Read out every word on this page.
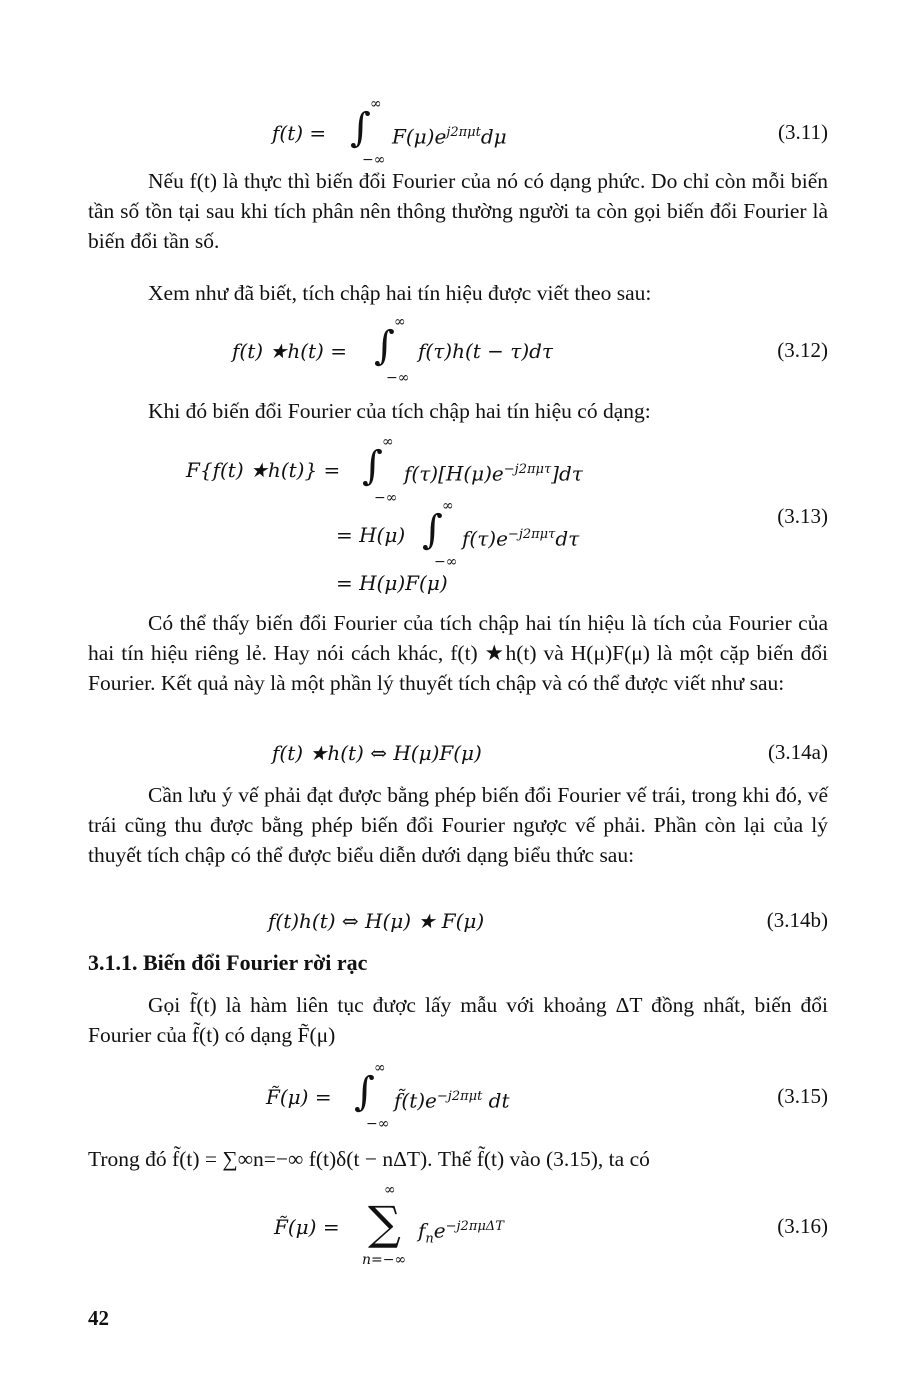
f(t) = ∫
∞
−∞
$F(\mu)e^{j2\pi\mu t}d\mu$	(3.11)

Nếu f(t) là thực thì biến đổi Fourier của nó có dạng phức. Do chỉ còn mỗi biến tần số tồn tại sau khi tích phân nên thông thường người ta còn gọi biến đổi Fourier là biến đổi tần số.

Xem như đã biết, tích chập hai tín hiệu được viết theo sau:

f(t) ★h(t) = ∫
∞
−∞
f(τ)h(t − τ)dτ	(3.12)

Khi đó biến đổi Fourier của tích chập hai tín hiệu có dạng:

F{f(t) ★h(t)} = ∫
∞
−∞
$f(\tau)[H(\mu)e^{-j2\pi\mu\tau}]d\tau$
= H(μ) ∫
∞
−∞
$f(\tau)e^{-j2\pi\mu\tau}d\tau$
= H(μ)F(μ)
(3.13)

Có thể thấy biến đổi Fourier của tích chập hai tín hiệu là tích của Fourier của hai tín hiệu riêng lẻ. Hay nói cách khác, f(t) ★h(t) và H(μ)F(μ) là một cặp biến đổi Fourier. Kết quả này là một phần lý thuyết tích chập và có thể được viết như sau:

f(t) ★h(t) ⇔ H(μ)F(μ)	(3.14a)

Cần lưu ý vế phải đạt được bằng phép biến đổi Fourier vế trái, trong khi đó, vế trái cũng thu được bằng phép biến đổi Fourier ngược vế phải. Phần còn lại của lý thuyết tích chập có thể được biểu diễn dưới dạng biểu thức sau:

f(t)h(t) ⇔ H(μ) ★ F(μ)	(3.14b)
3.1.1. Biến đổi Fourier rời rạc

Gọi f̃(t) là hàm liên tục được lấy mẫu với khoảng ΔT đồng nhất, biến đổi Fourier của f̃(t) có dạng F̃(μ)

F̃(μ) = ∫
∞
−∞
$f̃(t)e^{-j2\pi\mu t}$ dt	(3.15)

Trong đó f̃(t) = ∑∞n=−∞ f(t)δ(t − nΔT). Thế f̃(t) vào (3.15), ta có

F̃(μ) =
∞
∑
n=−∞
$f_ne^{-j2\pi\mu\Delta T}$	(3.16)
42
